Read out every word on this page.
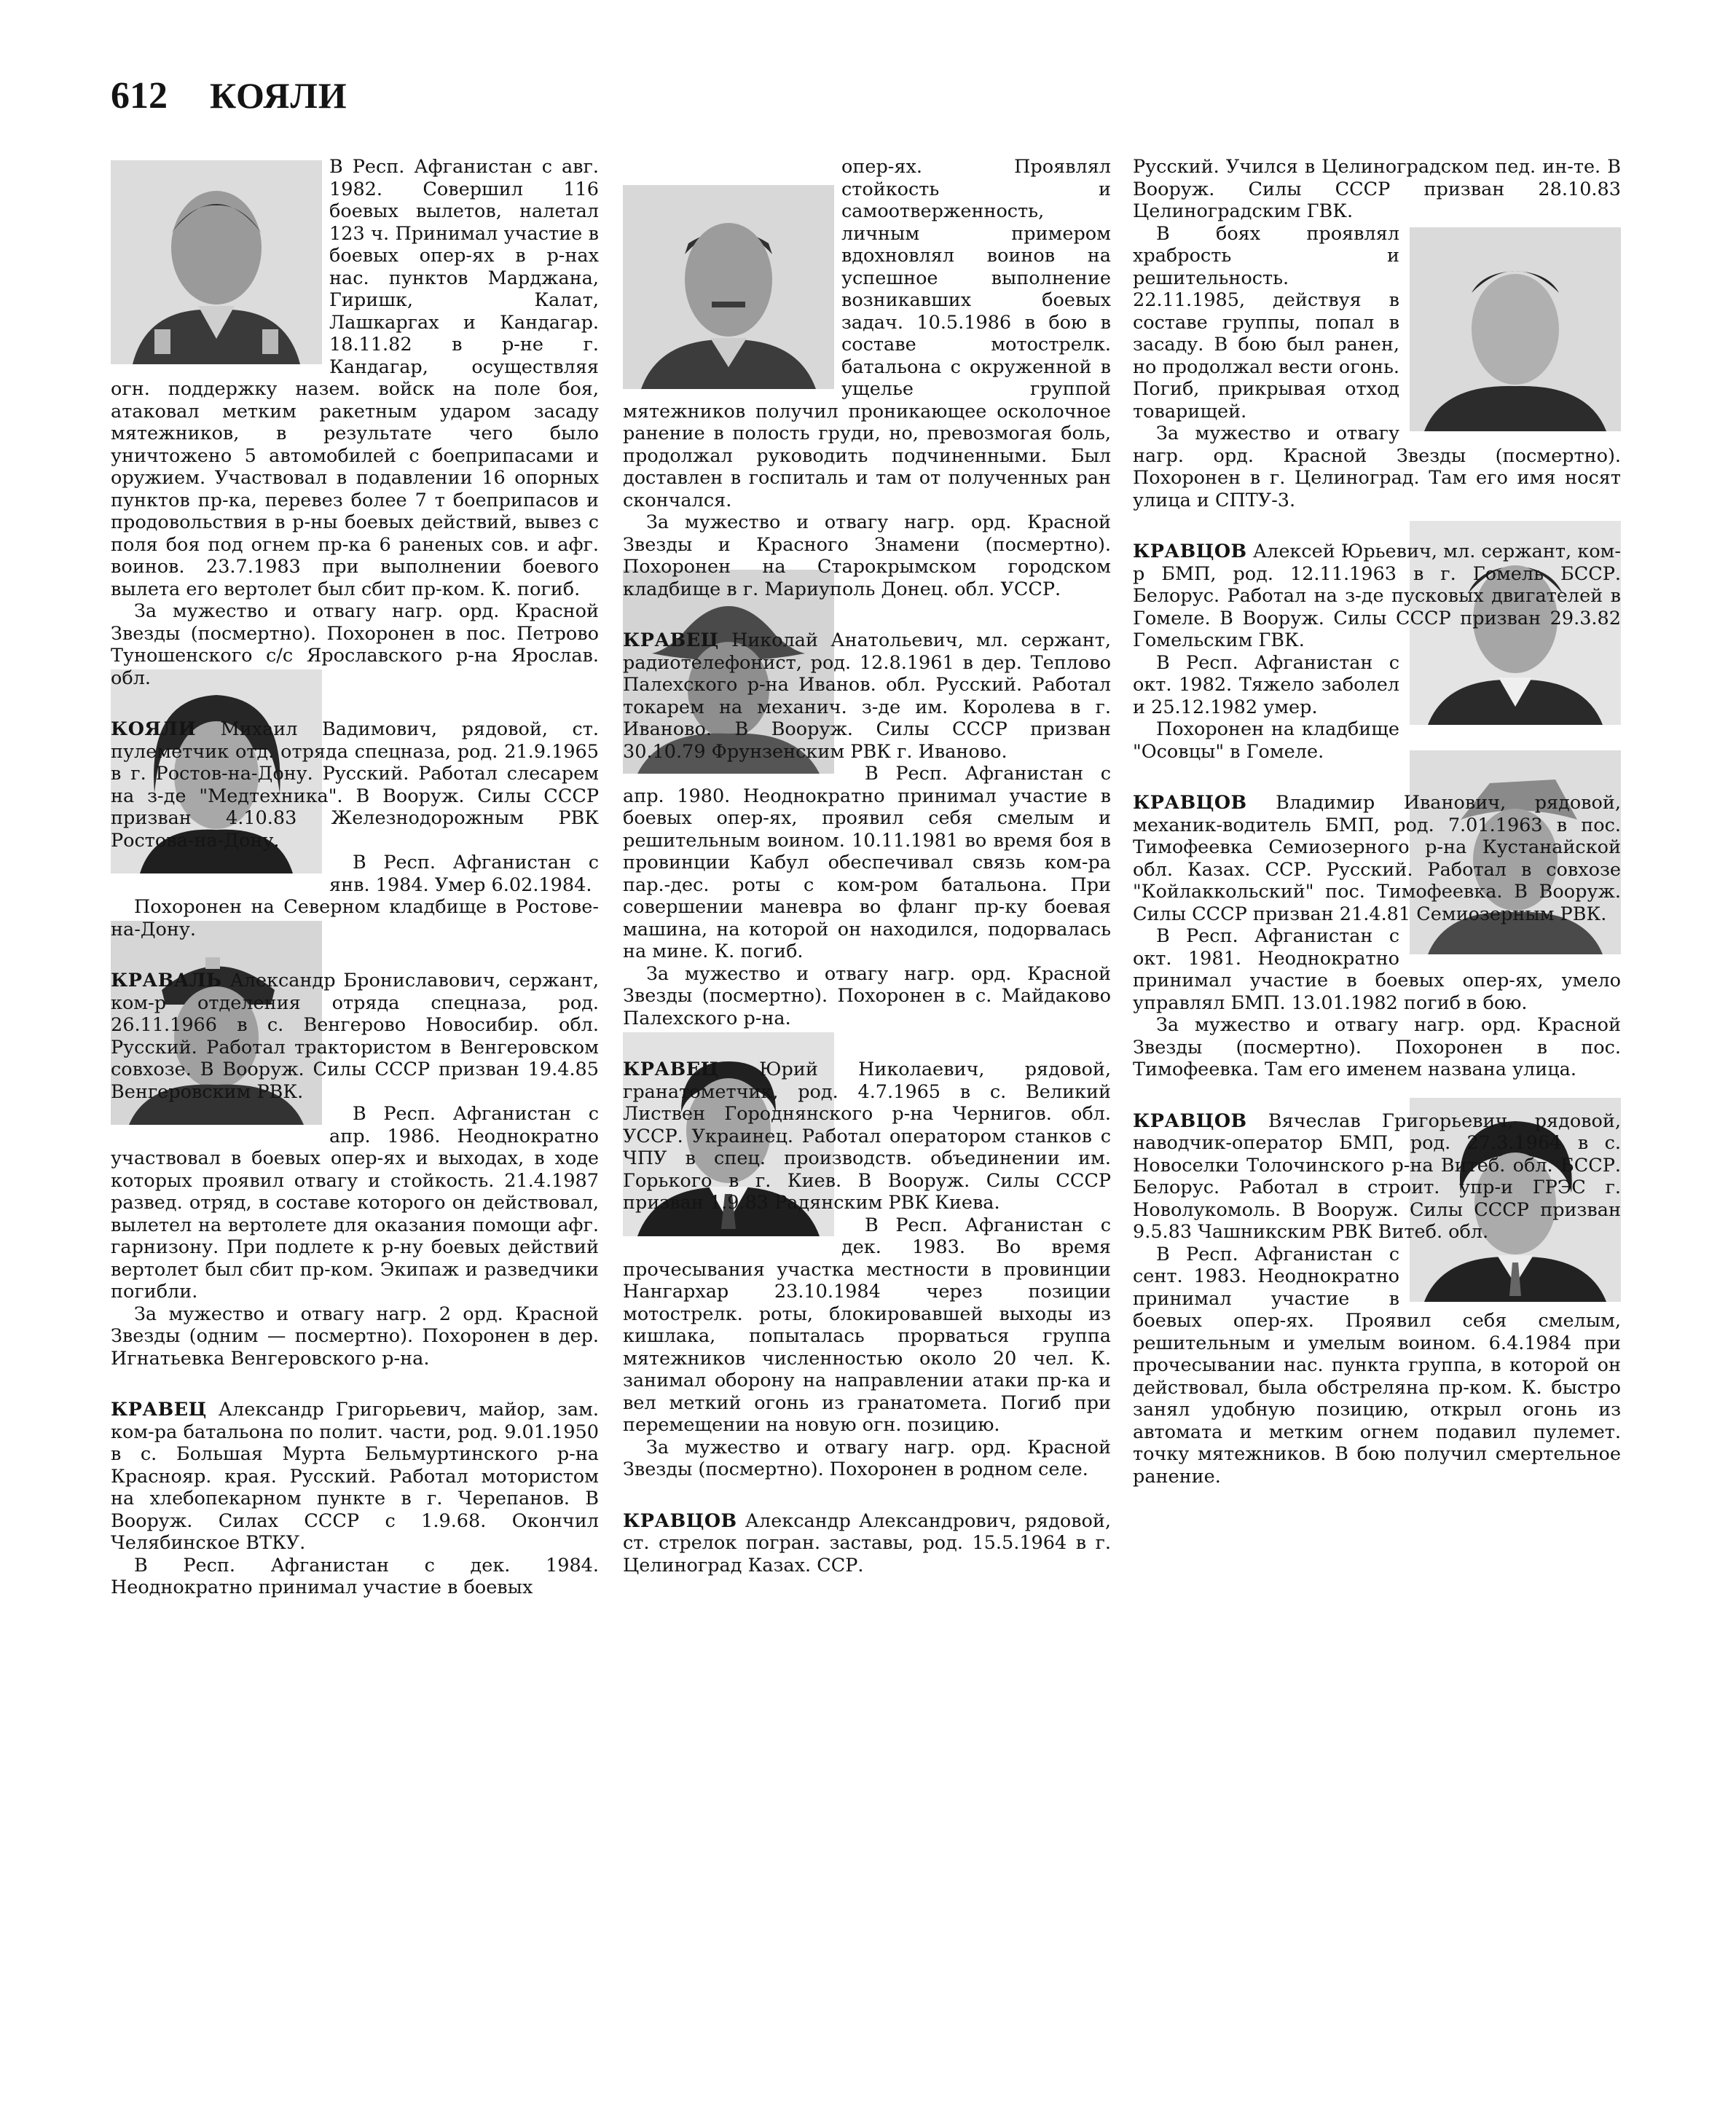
612 КОЯЛИ

В Респ. Афганистан с авг. 1982. Совершил 116 боевых вылетов, налетал 123 ч. Принимал участие в боевых опер-ях в р-нах нас. пунктов Марджана, Гиришк, Калат, Лашкаргах и Кандагар. 18.11.82 в р-не г. Кандагар, осуществляя огн. поддержку назем. войск на поле боя, атаковал метким ракетным ударом засаду мятежников, в результате чего было уничтожено 5 автомобилей с боеприпасами и оружием. Участвовал в подавлении 16 опорных пунктов пр-ка, перевез более 7 т боеприпасов и продовольствия в р-ны боевых действий, вывез с поля боя под огнем пр-ка 6 раненых сов. и афг. воинов. 23.7.1983 при выполнении боевого вылета его вертолет был сбит пр-ком. К. погиб.

За мужество и отвагу нагр. орд. Красной Звезды (посмертно). Похоронен в пос. Петрово Туношенского с/с Ярославского р-на Ярослав. обл.

КОЯЛИ Михаил Вадимович, рядовой, ст. пулеметчик отд. отряда спецназа, род. 21.9.1965 в г. Ростов-на-Дону. Русский. Работал слесарем на з-де "Медтехника". В Вооруж. Силы СССР призван 4.10.83 Железнодорожным РВК Ростова-на-Дону.

В Респ. Афганистан с янв. 1984. Умер 6.02.1984.

Похоронен на Северном кладбище в Ростове-на-Дону.

КРАВАЛЬ Александр Брониславович, сержант, ком-р отделения отряда спецназа, род. 26.11.1966 в с. Венгерово Новосибир. обл. Русский. Работал трактористом в Венгеровском совхозе. В Вооруж. Силы СССР призван 19.4.85 Венгеровским РВК.

В Респ. Афганистан с апр. 1986. Неоднократно участвовал в боевых опер-ях и выходах, в ходе которых проявил отвагу и стойкость. 21.4.1987 развед. отряд, в составе которого он действовал, вылетел на вертолете для оказания помощи афг. гарнизону. При подлете к р-ну боевых действий вертолет был сбит пр-ком. Экипаж и разведчики погибли.

За мужество и отвагу нагр. 2 орд. Красной Звезды (одним — посмертно). Похоронен в дер. Игнатьевка Венгеровского р-на.

КРАВЕЦ Александр Григорьевич, майор, зам. ком-ра батальона по полит. части, род. 9.01.1950 в с. Большая Мурта Бельмуртинского р-на Краснояр. края. Русский. Работал мотористом на хлебопекарном пункте в г. Черепанов. В Вооруж. Силах СССР с 1.9.68. Окончил Челябинское ВТКУ.

В Респ. Афганистан с дек. 1984. Неоднократно принимал участие в боевых

опер-ях. Проявлял стойкость и самоотверженность, личным примером вдохновлял воинов на успешное выполнение возникавших боевых задач. 10.5.1986 в бою в составе мотострелк. батальона с окруженной в ущелье группой мятежников получил проникающее осколочное ранение в полость груди, но, превозмогая боль, продолжал руководить подчиненными. Был доставлен в госпиталь и там от полученных ран скончался.

За мужество и отвагу нагр. орд. Красной Звезды и Красного Знамени (посмертно). Похоронен на Старокрымском городском кладбище в г. Мариуполь Донец. обл. УССР.

КРАВЕЦ Николай Анатольевич, мл. сержант, радиотелефонист, род. 12.8.1961 в дер. Теплово Палехского р-на Иванов. обл. Русский. Работал токарем на механич. з-де им. Королева в г. Иваново. В Вооруж. Силы СССР призван 30.10.79 Фрунзенским РВК г. Иваново.

В Респ. Афганистан с апр. 1980. Неоднократно принимал участие в боевых опер-ях, проявил себя смелым и решительным воином. 10.11.1981 во время боя в провинции Кабул обеспечивал связь ком-ра пар.-дес. роты с ком-ром батальона. При совершении маневра во фланг пр-ку боевая машина, на которой он находился, подорвалась на мине. К. погиб.

За мужество и отвагу нагр. орд. Красной Звезды (посмертно). Похоронен в с. Майдаково Палехского р-на.

КРАВЕЦ Юрий Николаевич, рядовой, гранатометчик, род. 4.7.1965 в с. Великий Листвен Городнянского р-на Чернигов. обл. УССР. Украинец. Работал оператором станков с ЧПУ в спец. производств. объединении им. Горького в г. Киев. В Вооруж. Силы СССР призван 1.9.83 Радянским РВК Киева.

В Респ. Афганистан с дек. 1983. Во время прочесывания участка местности в провинции Нангархар 23.10.1984 через позиции мотострелк. роты, блокировавшей выходы из кишлака, попыталась прорваться группа мятежников численностью около 20 чел. К. занимал оборону на направлении атаки пр-ка и вел меткий огонь из гранатомета. Погиб при перемещении на новую огн. позицию.

За мужество и отвагу нагр. орд. Красной Звезды (посмертно). Похоронен в родном селе.

КРАВЦОВ Александр Александрович, рядовой, ст. стрелок погран. заставы, род. 15.5.1964 в г. Целиноград Казах. ССР.

Русский. Учился в Целиноградском пед. ин-те. В Вооруж. Силы СССР призван 28.10.83 Целиноградским ГВК.

В боях проявлял храбрость и решительность. 22.11.1985, действуя в составе группы, попал в засаду. В бою был ранен, но продолжал вести огонь. Погиб, прикрывая отход товарищей.

За мужество и отвагу нагр. орд. Красной Звезды (посмертно). Похоронен в г. Целиноград. Там его имя носят улица и СПТУ-3.

КРАВЦОВ Алексей Юрьевич, мл. сержант, ком-р БМП, род. 12.11.1963 в г. Гомель БССР. Белорус. Работал на з-де пусковых двигателей в Гомеле. В Вооруж. Силы СССР призван 29.3.82 Гомельским ГВК.

В Респ. Афганистан с окт. 1982. Тяжело заболел и 25.12.1982 умер.

Похоронен на кладбище "Осовцы" в Гомеле.

КРАВЦОВ Владимир Иванович, рядовой, механик-водитель БМП, род. 7.01.1963 в пос. Тимофеевка Семиозерного р-на Кустанайской обл. Казах. ССР. Русский. Работал в совхозе "Койлаккольский" пос. Тимофеевка. В Вооруж. Силы СССР призван 21.4.81 Семиозерным РВК.

В Респ. Афганистан с окт. 1981. Неоднократно принимал участие в боевых опер-ях, умело управлял БМП. 13.01.1982 погиб в бою.

За мужество и отвагу нагр. орд. Красной Звезды (посмертно). Похоронен в пос. Тимофеевка. Там его именем названа улица.

КРАВЦОВ Вячеслав Григорьевич, рядовой, наводчик-оператор БМП, род. 27.3.1964 в с. Новоселки Толочинского р-на Витеб. обл. БССР. Белорус. Работал в строит. упр-и ГРЭС г. Новолукомоль. В Вооруж. Силы СССР призван 9.5.83 Чашникским РВК Витеб. обл.

В Респ. Афганистан с сент. 1983. Неоднократно принимал участие в боевых опер-ях. Проявил себя смелым, решительным и умелым воином. 6.4.1984 при прочесывании нас. пункта группа, в которой он действовал, была обстреляна пр-ком. К. быстро занял удобную позицию, открыл огонь из автомата и метким огнем подавил пулемет. точку мятежников. В бою получил смертельное ранение.
